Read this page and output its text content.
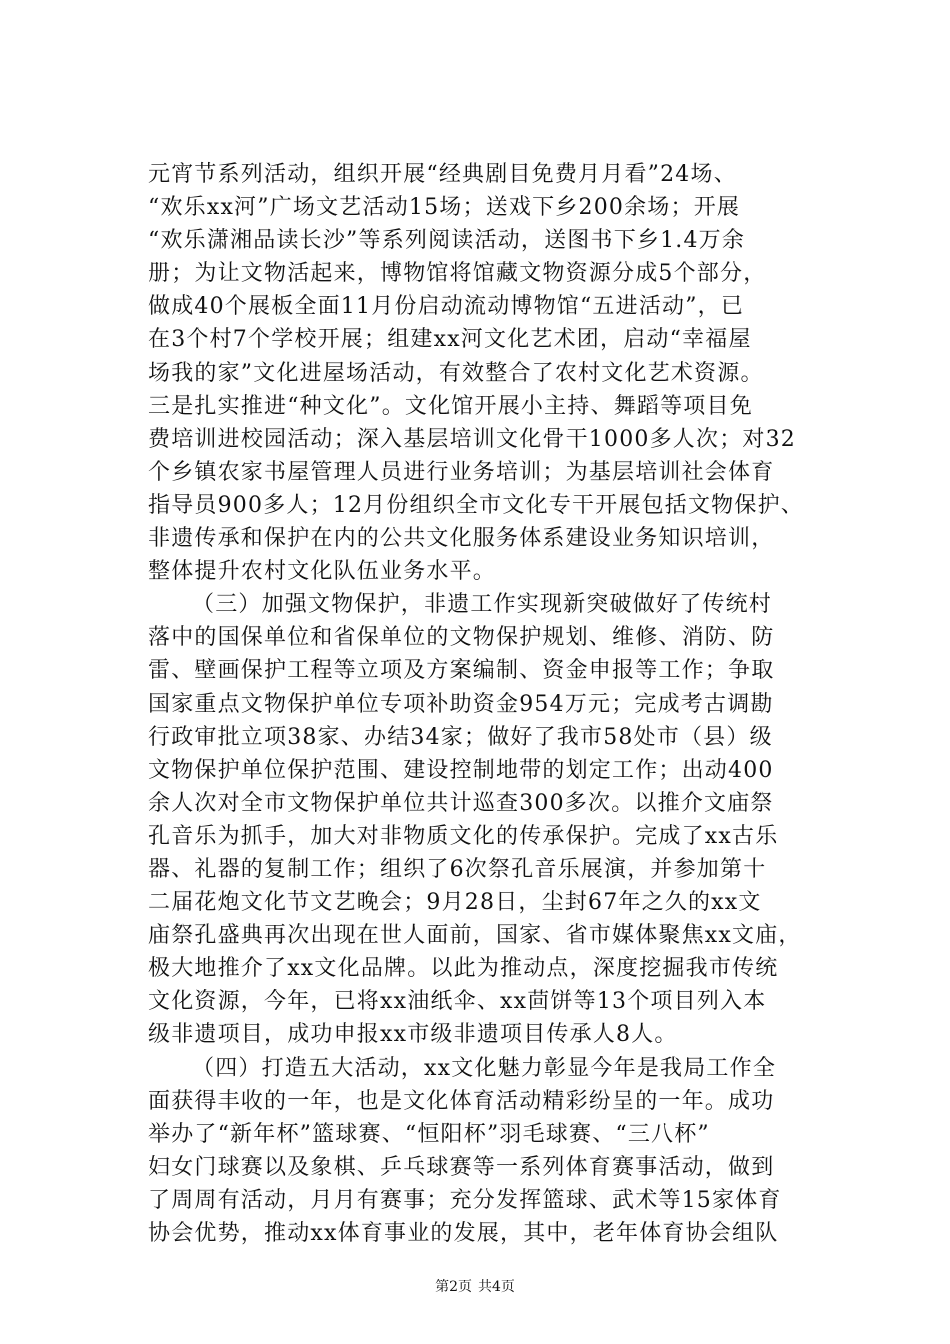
元宵节系列活动，组织开展“经典剧目免费月月看”24场、
“欢乐xx河”广场文艺活动15场；送戏下乡200余场；开展
“欢乐潇湘品读长沙”等系列阅读活动，送图书下乡1.4万余
册；为让文物活起来，博物馆将馆藏文物资源分成5个部分，
做成40个展板全面11月份启动流动博物馆“五进活动”，已
在3个村7个学校开展；组建xx河文化艺术团，启动“幸福屋
场我的家”文化进屋场活动，有效整合了农村文化艺术资源。
三是扎实推进“种文化”。文化馆开展小主持、舞蹈等项目免
费培训进校园活动；深入基层培训文化骨干1000多人次；对32
个乡镇农家书屋管理人员进行业务培训；为基层培训社会体育
指导员900多人；12月份组织全市文化专干开展包括文物保护、
非遗传承和保护在内的公共文化服务体系建设业务知识培训，
整体提升农村文化队伍业务水平。
（三）加强文物保护，非遗工作实现新突破做好了传统村
落中的国保单位和省保单位的文物保护规划、维修、消防、防
雷、壁画保护工程等立项及方案编制、资金申报等工作；争取
国家重点文物保护单位专项补助资金954万元；完成考古调勘
行政审批立项38家、办结34家；做好了我市58处市（县）级
文物保护单位保护范围、建设控制地带的划定工作；出动400
余人次对全市文物保护单位共计巡查300多次。以推介文庙祭
孔音乐为抓手，加大对非物质文化的传承保护。完成了xx古乐
器、礼器的复制工作；组织了6次祭孔音乐展演，并参加第十
二届花炮文化节文艺晚会；9月28日，尘封67年之久的xx文
庙祭孔盛典再次出现在世人面前，国家、省市媒体聚焦xx文庙，
极大地推介了xx文化品牌。以此为推动点，深度挖掘我市传统
文化资源，今年，已将xx油纸伞、xx茴饼等13个项目列入本
级非遗项目，成功申报xx市级非遗项目传承人8人。
（四）打造五大活动，xx文化魅力彰显今年是我局工作全
面获得丰收的一年，也是文化体育活动精彩纷呈的一年。成功
举办了“新年杯”篮球赛、“恒阳杯”羽毛球赛、“三八杯”
妇女门球赛以及象棋、乒乓球赛等一系列体育赛事活动，做到
了周周有活动，月月有赛事；充分发挥篮球、武术等15家体育
协会优势，推动xx体育事业的发展，其中，老年体育协会组队
第2页 共4页
